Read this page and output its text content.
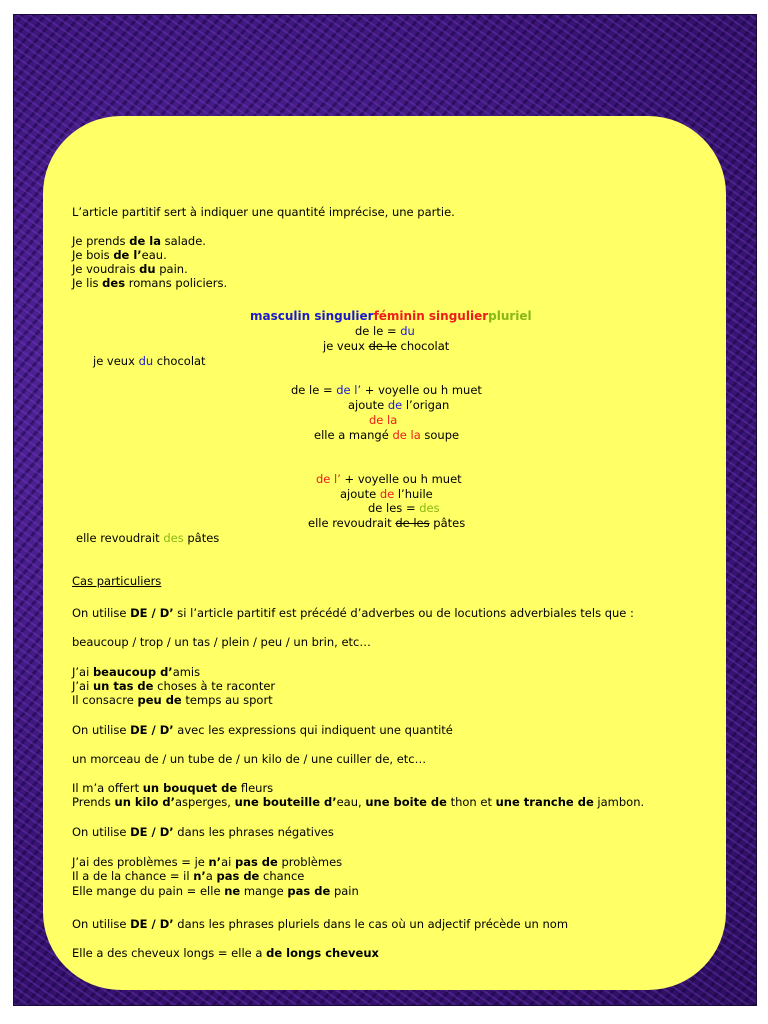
L’article partitif sert à indiquer une quantité imprécise, une partie.
Je prends de la salade.
Je bois de l’eau.
Je voudrais du pain.
Je lis des romans policiers.
masculin singulierféminin singulierpluriel
de le = du
je veux de le chocolat
je veux du chocolat
de le = de l’ + voyelle ou h muet
ajoute de l’origan
de la
elle a mangé de la soupe
de l’ + voyelle ou h muet
ajoute de l’huile
de les = des
elle revoudrait de les pâtes
elle revoudrait des pâtes
Cas particuliers
On utilise DE / D’ si l’article partitif est précédé d’adverbes ou de locutions adverbiales tels que :
beaucoup / trop / un tas / plein / peu / un brin, etc…
J’ai beaucoup d’amis
J’ai un tas de choses à te raconter
Il consacre peu de temps au sport
On utilise DE / D’ avec les expressions qui indiquent une quantité
un morceau de / un tube de / un kilo de / une cuiller de, etc…
Il m’a offert un bouquet de fleurs
Prends un kilo d’asperges, une bouteille d’eau, une boite de thon et une tranche de jambon.
On utilise DE / D’ dans les phrases négatives
J’ai des problèmes = je n’ai pas de problèmes
Il a de la chance = il n’a pas de chance
Elle mange du pain = elle ne mange pas de pain
On utilise DE / D’ dans les phrases pluriels dans le cas où un adjectif précède un nom
Elle a des cheveux longs = elle a de longs cheveux
